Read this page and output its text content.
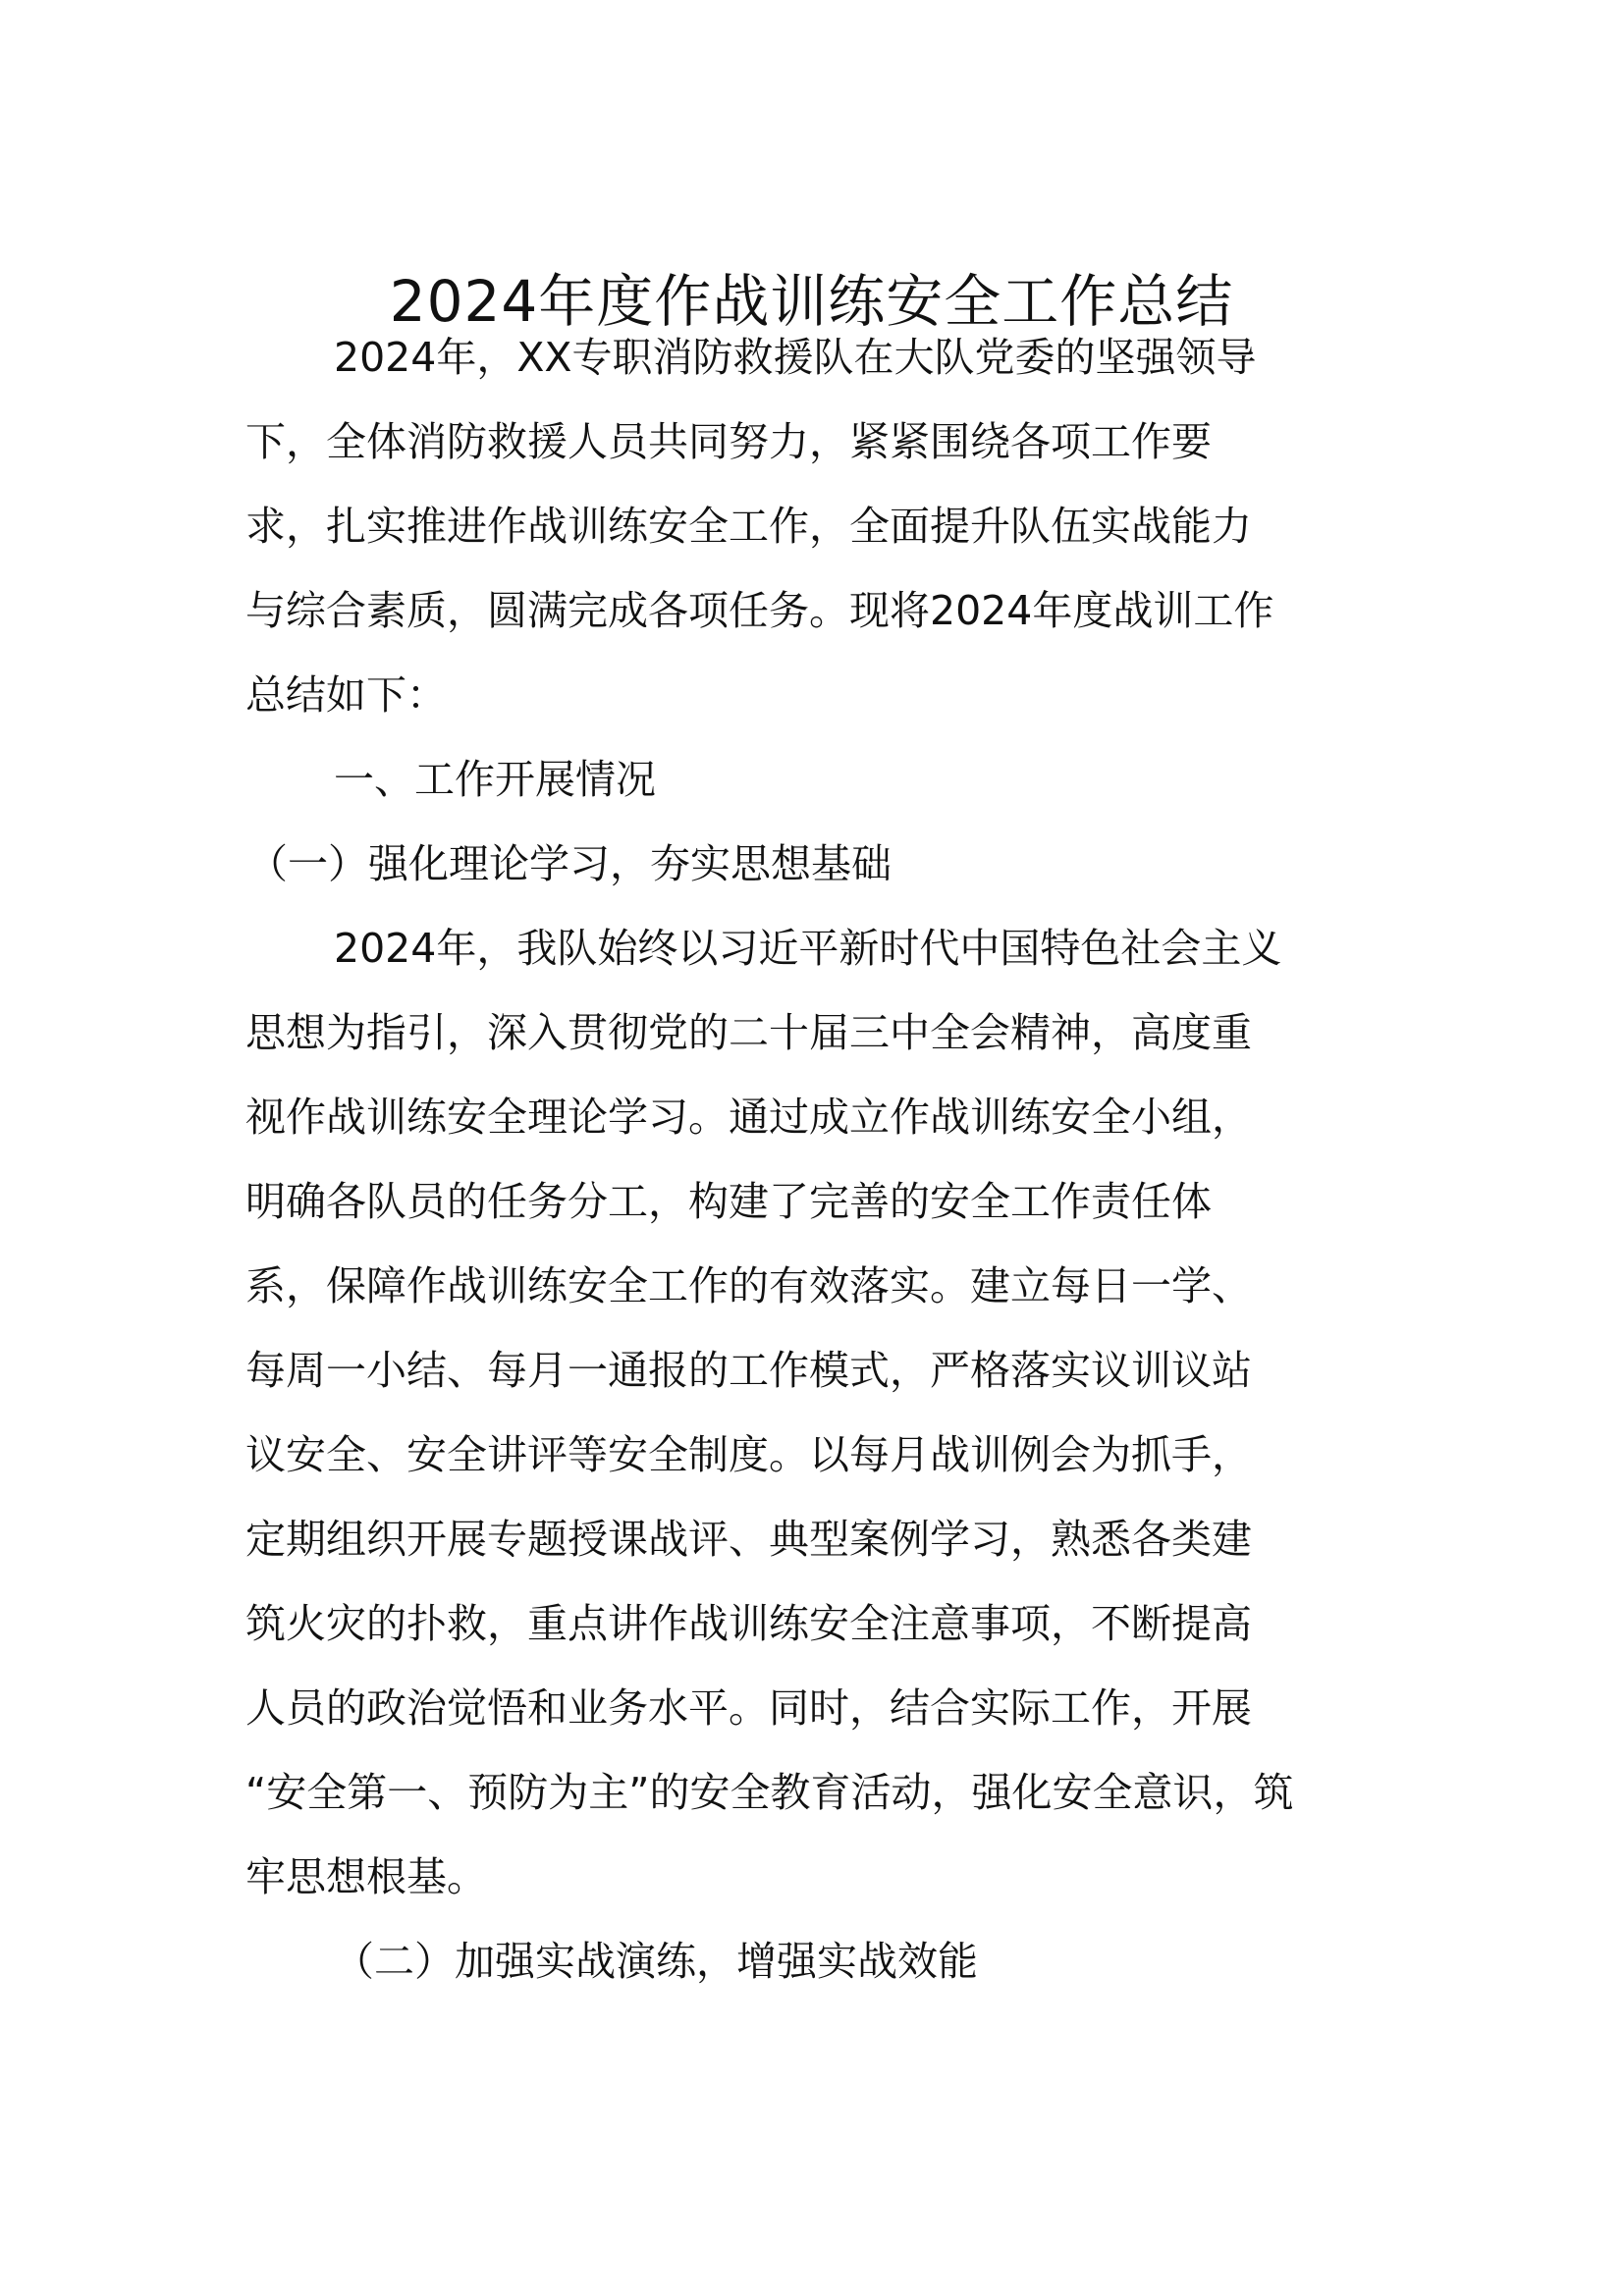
2024年度作战训练安全工作总结
2024年，XX专职消防救援队在大队党委的坚强领导
下，全体消防救援人员共同努力，紧紧围绕各项工作要
求，扎实推进作战训练安全工作，全面提升队伍实战能力
与综合素质，圆满完成各项任务。现将2024年度战训工作
总结如下：
一、工作开展情况
（一）强化理论学习，夯实思想基础
2024年，我队始终以习近平新时代中国特色社会主义
思想为指引，深入贯彻党的二十届三中全会精神，高度重
视作战训练安全理论学习。通过成立作战训练安全小组，
明确各队员的任务分工，构建了完善的安全工作责任体
系，保障作战训练安全工作的有效落实。建立每日一学、
每周一小结、每月一通报的工作模式，严格落实议训议站
议安全、安全讲评等安全制度。以每月战训例会为抓手，
定期组织开展专题授课战评、典型案例学习，熟悉各类建
筑火灾的扑救，重点讲作战训练安全注意事项，不断提高
人员的政治觉悟和业务水平。同时，结合实际工作，开展
“安全第一、预防为主”的安全教育活动，强化安全意识，筑
牢思想根基。
（二）加强实战演练，增强实战效能
